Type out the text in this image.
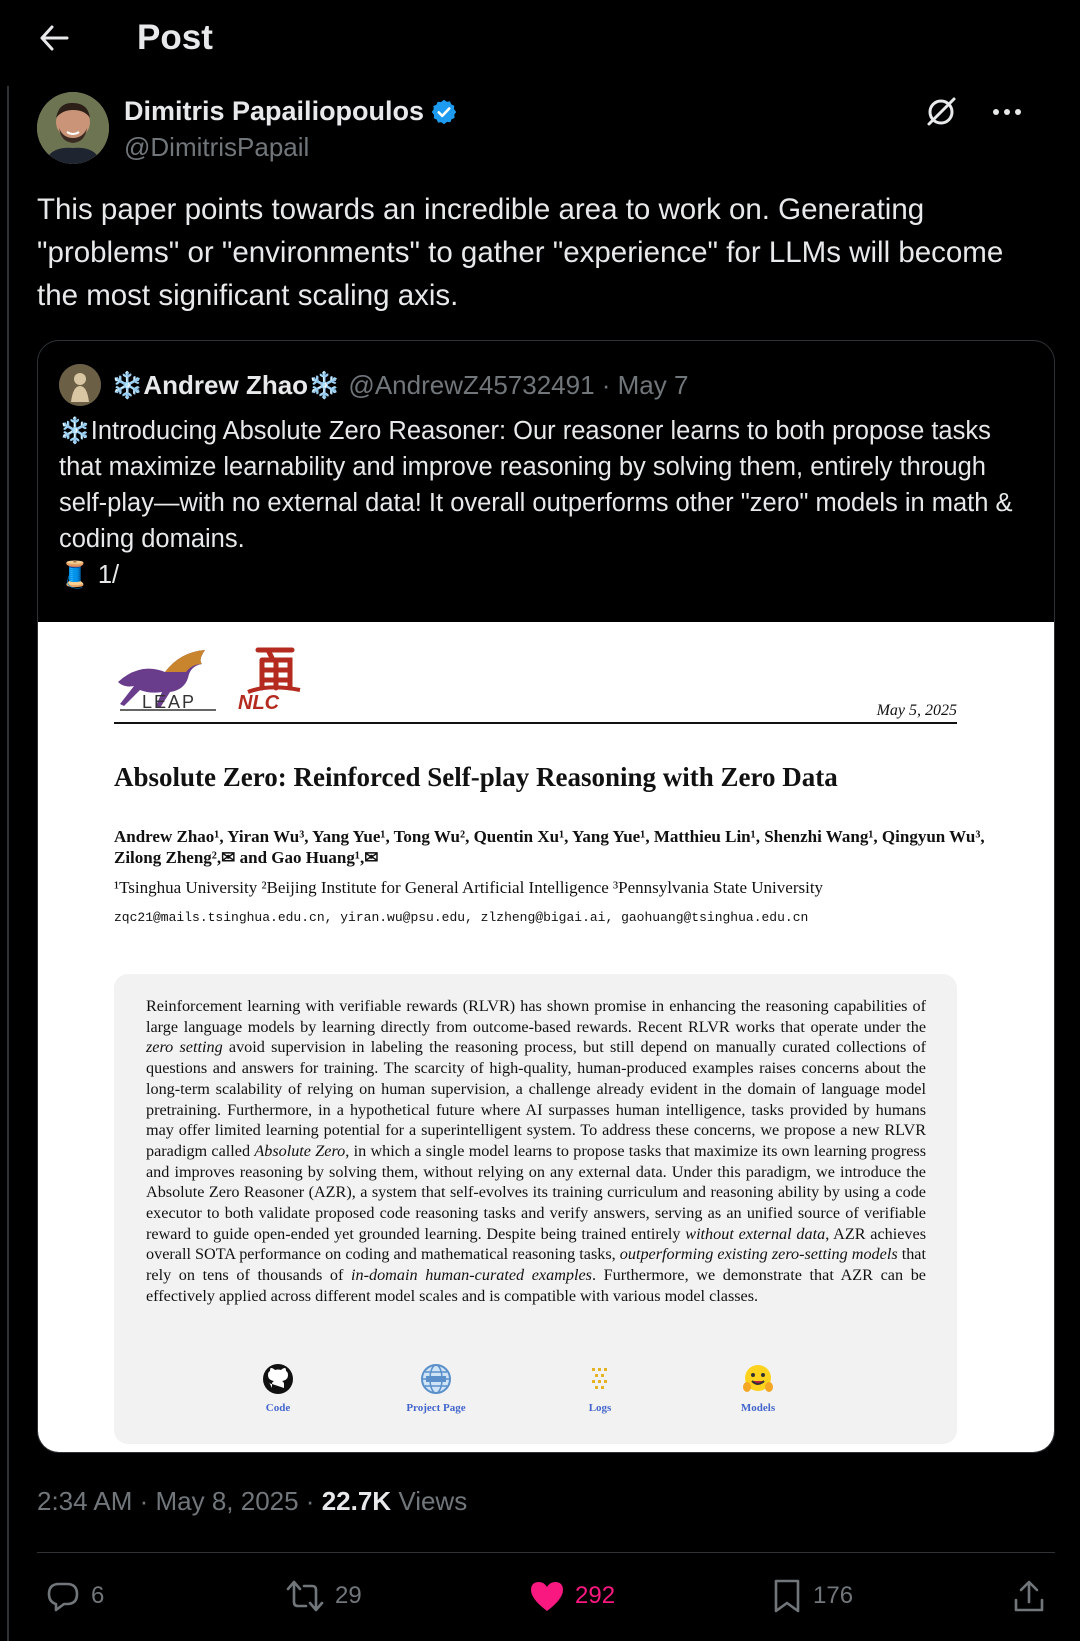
Post
Dimitris Papailiopoulos
@DimitrisPapail
This paper points towards an incredible area to work on. Generating "problems" or "environments" to gather "experience" for LLMs will become the most significant scaling axis.
❄️Andrew Zhao❄️ @AndrewZ45732491 · May 7
❄️Introducing Absolute Zero Reasoner: Our reasoner learns to both propose tasks that maximize learnability and improve reasoning by solving them, entirely through self-play—with no external data! It overall outperforms other "zero" models in math & coding domains.
🧵 1/
LEAP NLC	May 5, 2025
Absolute Zero: Reinforced Self-play Reasoning with Zero Data
Andrew Zhao¹, Yiran Wu³, Yang Yue¹, Tong Wu², Quentin Xu¹, Yang Yue¹, Matthieu Lin¹, Shenzhi Wang¹, Qingyun Wu³, Zilong Zheng²,✉ and Gao Huang¹,✉
¹Tsinghua University ²Beijing Institute for General Artificial Intelligence ³Pennsylvania State University
zqc21@mails.tsinghua.edu.cn, yiran.wu@psu.edu, zlzheng@bigai.ai, gaohuang@tsinghua.edu.cn
Reinforcement learning with verifiable rewards (RLVR) has shown promise in enhancing the reasoning capabilities of large language models by learning directly from outcome-based rewards. Recent RLVR works that operate under the zero setting avoid supervision in labeling the reasoning process, but still depend on manually curated collections of questions and answers for training. The scarcity of high-quality, human-produced examples raises concerns about the long-term scalability of relying on human supervision, a challenge already evident in the domain of language model pretraining. Furthermore, in a hypothetical future where AI surpasses human intelligence, tasks provided by humans may offer limited learning potential for a superintelligent system. To address these concerns, we propose a new RLVR paradigm called Absolute Zero, in which a single model learns to propose tasks that maximize its own learning progress and improves reasoning by solving them, without relying on any external data. Under this paradigm, we introduce the Absolute Zero Reasoner (AZR), a system that self-evolves its training curriculum and reasoning ability by using a code executor to both validate proposed code reasoning tasks and verify answers, serving as an unified source of verifiable reward to guide open-ended yet grounded learning. Despite being trained entirely without external data, AZR achieves overall SOTA performance on coding and mathematical reasoning tasks, outperforming existing zero-setting models that rely on tens of thousands of in-domain human-curated examples. Furthermore, we demonstrate that AZR can be effectively applied across different model scales and is compatible with various model classes.
Code	Project Page	Logs	Models
2:34 AM · May 8, 2025 · 22.7K Views
6	29	292	176
